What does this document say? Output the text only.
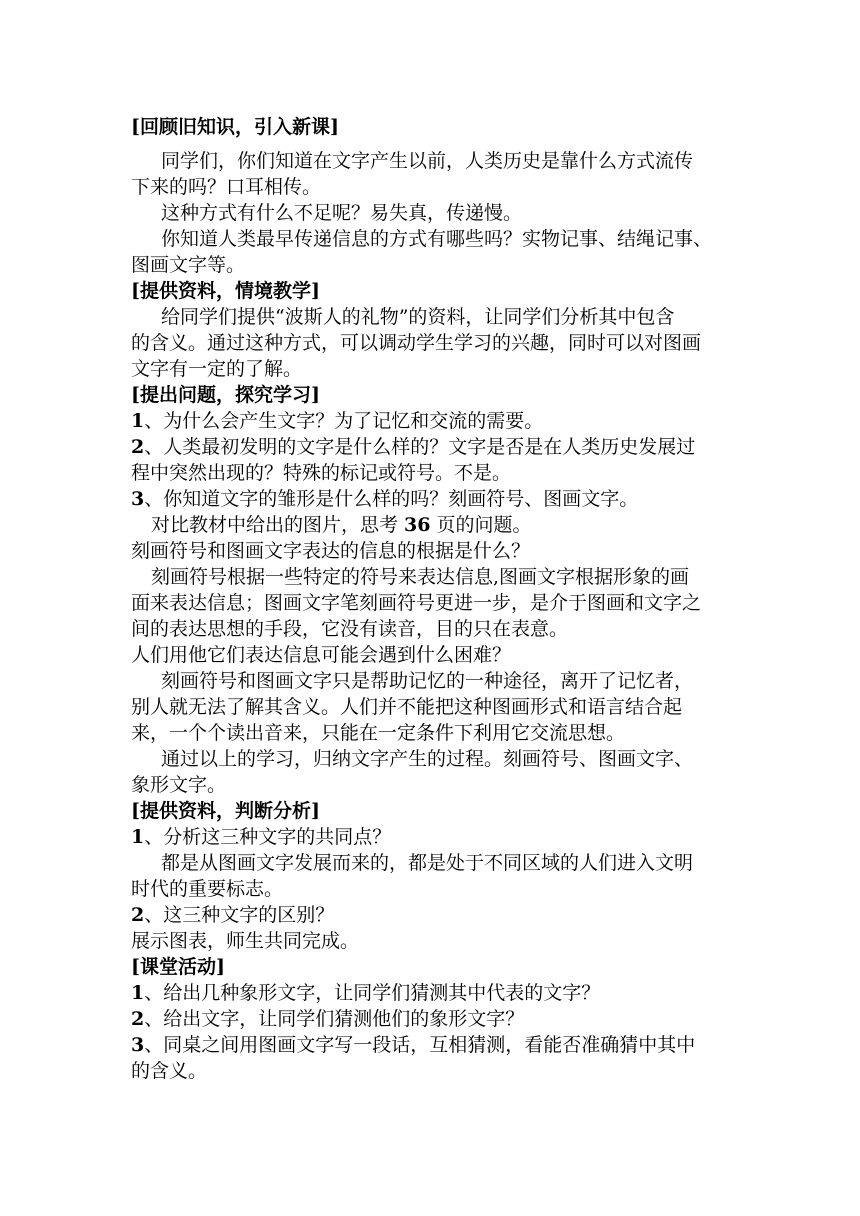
[回顾旧知识，引入新课]
同学们，你们知道在文字产生以前，人类历史是靠什么方式流传
下来的吗？口耳相传。
这种方式有什么不足呢？易失真，传递慢。
你知道人类最早传递信息的方式有哪些吗？实物记事、结绳记事、
图画文字等。
[提供资料，情境教学]
给同学们提供“波斯人的礼物”的资料，让同学们分析其中包含
的含义。通过这种方式，可以调动学生学习的兴趣，同时可以对图画
文字有一定的了解。
[提出问题，探究学习]
1、为什么会产生文字？为了记忆和交流的需要。
2、人类最初发明的文字是什么样的？文字是否是在人类历史发展过
程中突然出现的？特殊的标记或符号。不是。
3、你知道文字的雏形是什么样的吗？刻画符号、图画文字。
对比教材中给出的图片，思考 36 页的问题。
刻画符号和图画文字表达的信息的根据是什么？
刻画符号根据一些特定的符号来表达信息,图画文字根据形象的画
面来表达信息；图画文字笔刻画符号更进一步，是介于图画和文字之
间的表达思想的手段，它没有读音，目的只在表意。
人们用他它们表达信息可能会遇到什么困难？
刻画符号和图画文字只是帮助记忆的一种途径，离开了记忆者，
别人就无法了解其含义。人们并不能把这种图画形式和语言结合起
来，一个个读出音来，只能在一定条件下利用它交流思想。
通过以上的学习，归纳文字产生的过程。刻画符号、图画文字、
象形文字。
[提供资料，判断分析]
1、分析这三种文字的共同点？
都是从图画文字发展而来的，都是处于不同区域的人们进入文明
时代的重要标志。
2、这三种文字的区别？
展示图表，师生共同完成。
[课堂活动]
1、给出几种象形文字，让同学们猜测其中代表的文字？
2、给出文字，让同学们猜测他们的象形文字？
3、同桌之间用图画文字写一段话，互相猜测，看能否准确猜中其中
的含义。
